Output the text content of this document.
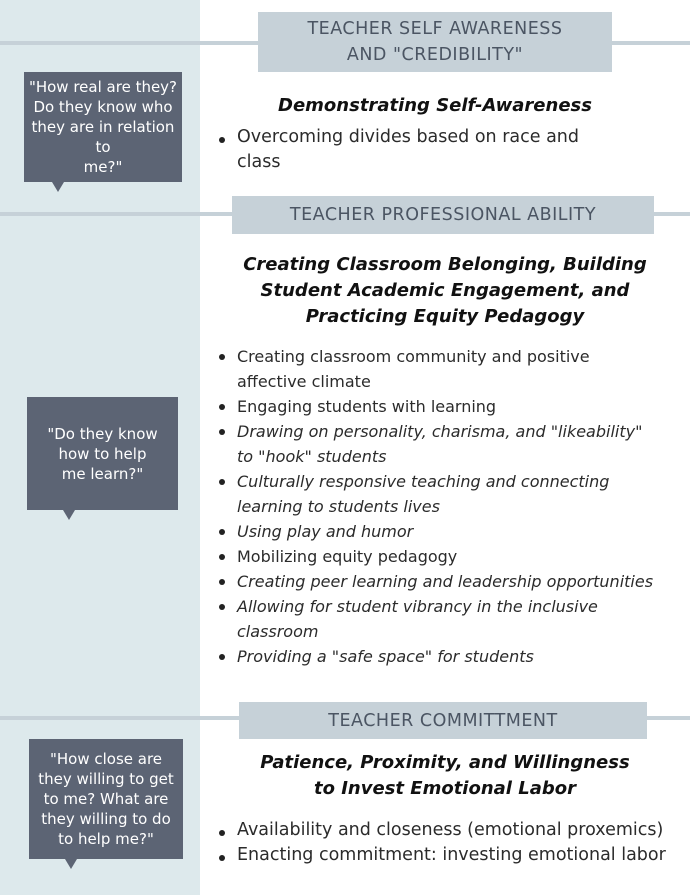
TEACHER SELF AWARENESS
AND "CREDIBILITY"
"How real are they?
Do they know who
they are in relation to
me?"
Demonstrating Self-Awareness
Overcoming divides based on race and class
TEACHER PROFESSIONAL ABILITY
"Do they know
how to help
me learn?"
Creating Classroom Belonging, Building
Student Academic Engagement, and
Practicing Equity Pedagogy
Creating classroom community and positive affective climate
Engaging students with learning
Drawing on personality, charisma, and "likeability" to "hook" students
Culturally responsive teaching and connecting learning to students lives
Using play and humor
Mobilizing equity pedagogy
Creating peer learning and leadership opportunities
Allowing for student vibrancy in the inclusive classroom
Providing a "safe space" for students
TEACHER COMMITTMENT
"How close are
they willing to get
to me? What are
they willing to do
to help me?"
Patience, Proximity, and Willingness
to Invest Emotional Labor
Availability and closeness (emotional proxemics)
Enacting commitment: investing emotional labor
